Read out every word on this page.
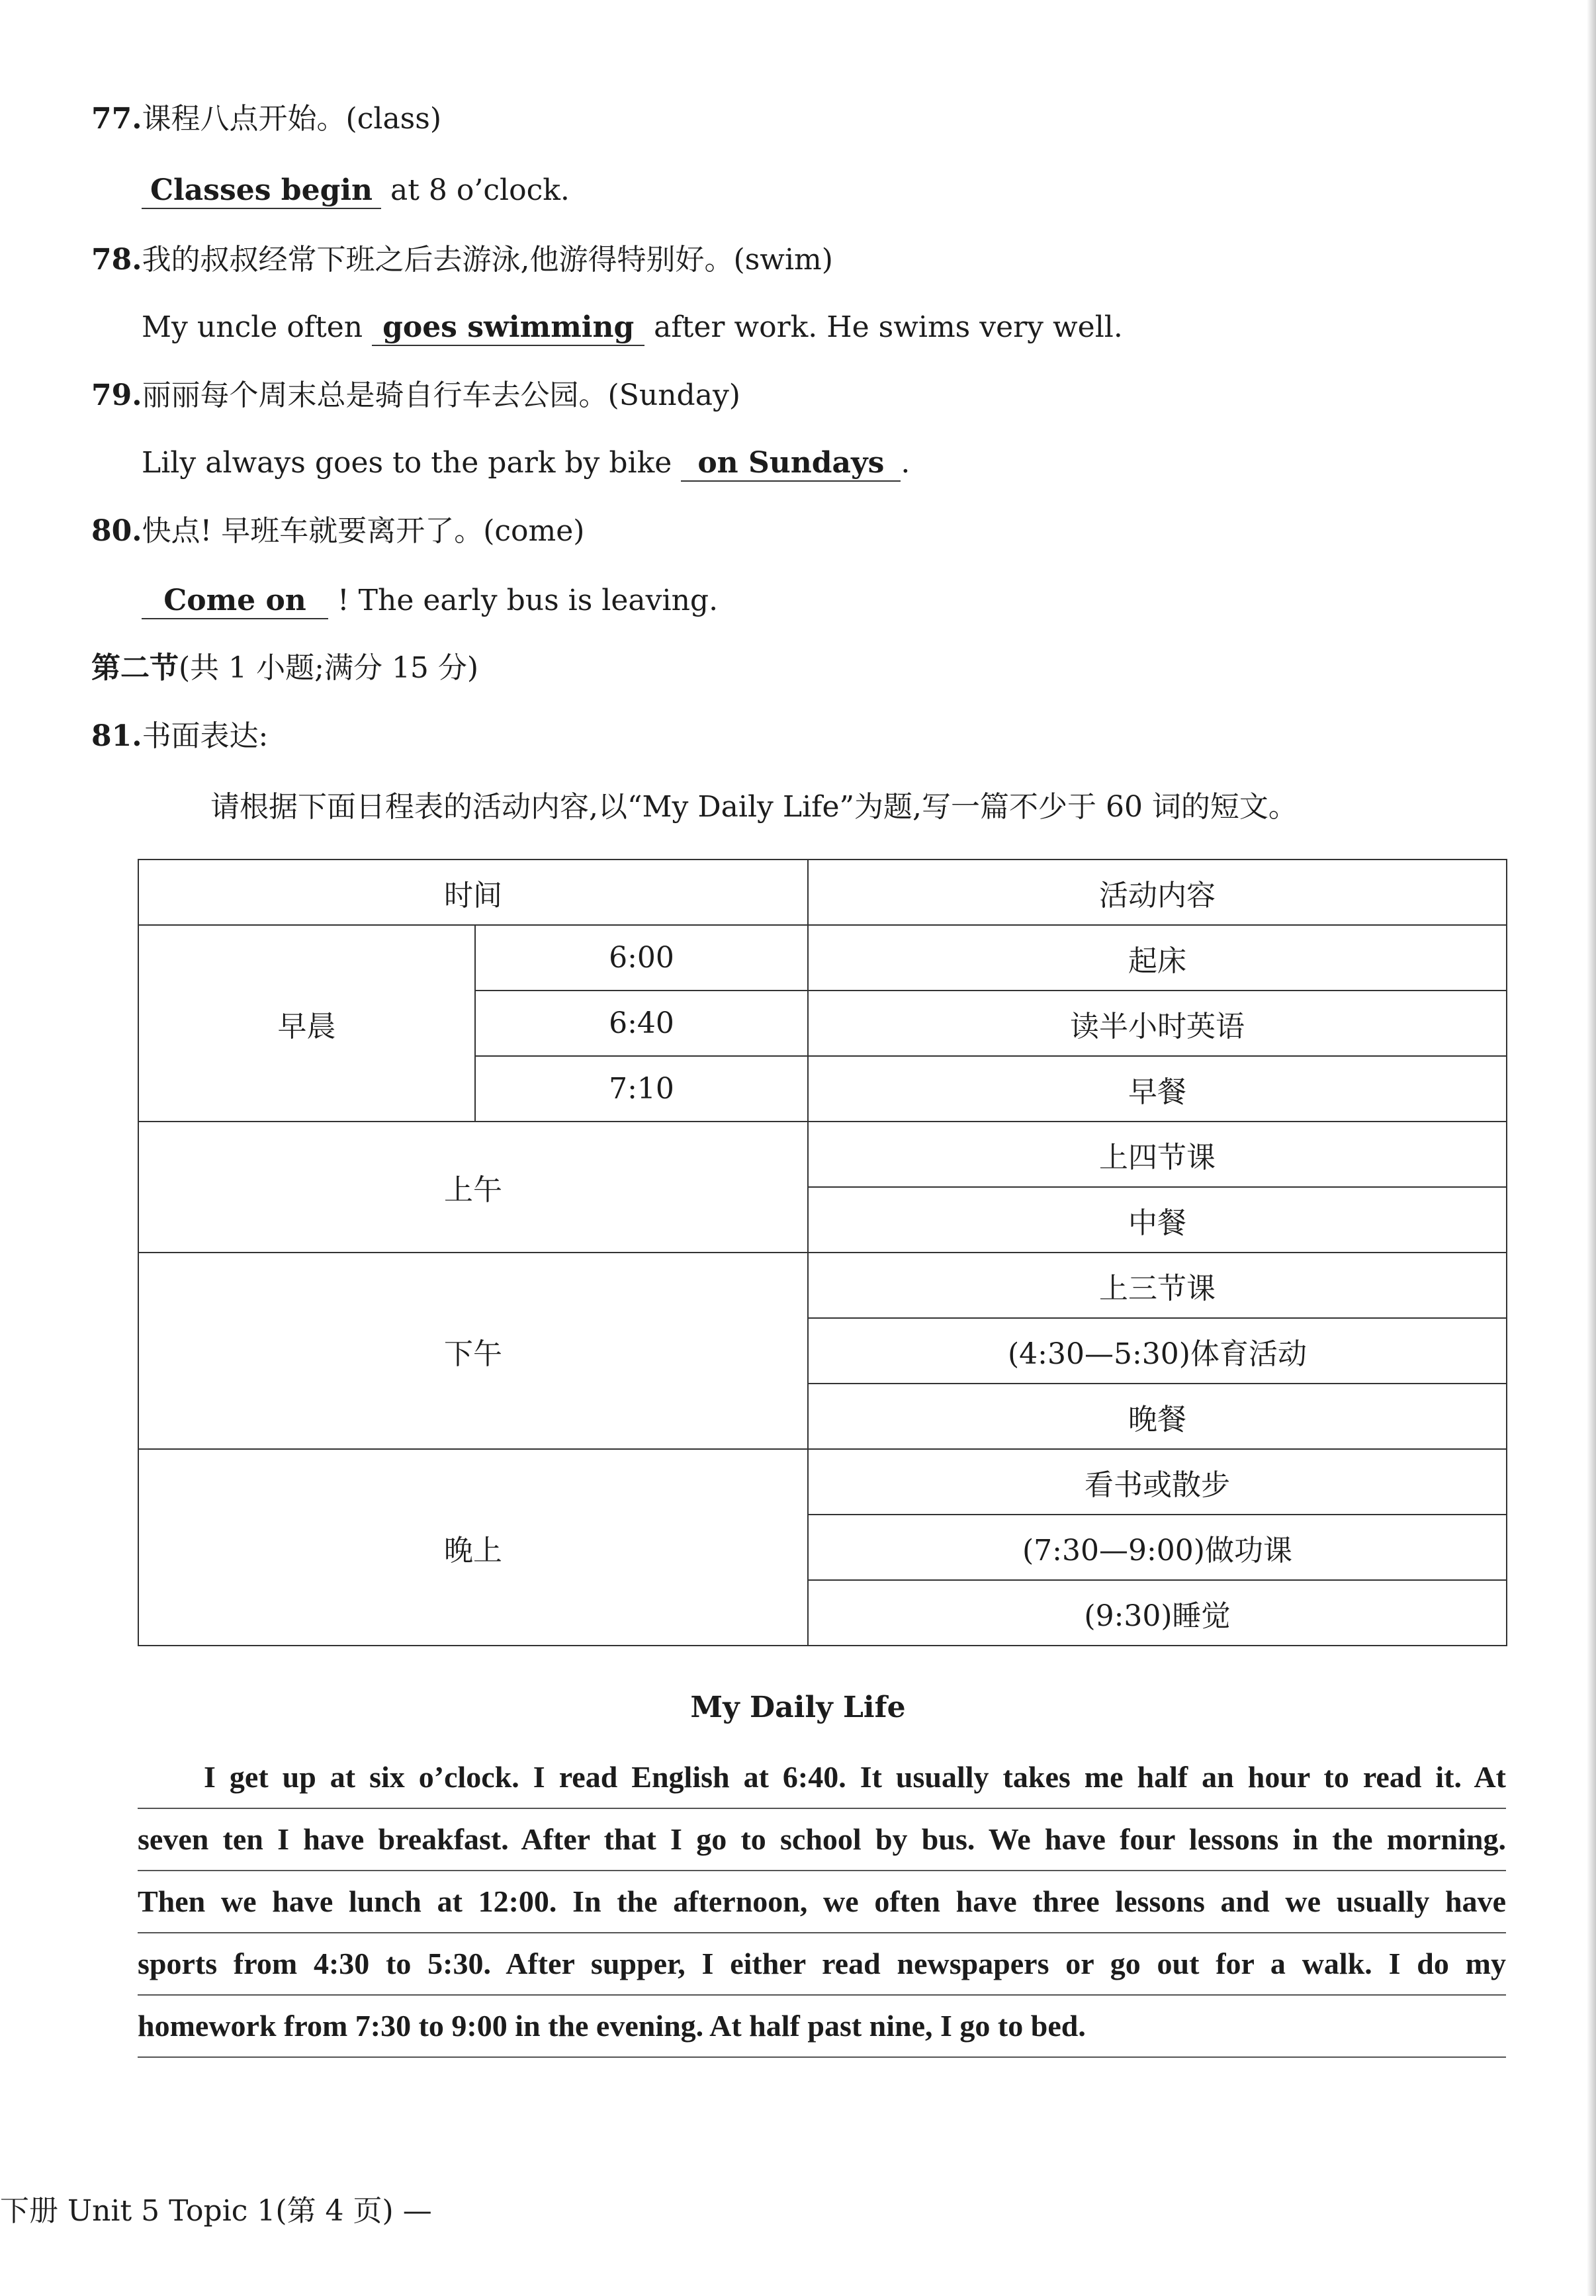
77.课程八点开始。(class)
Classes begin at 8 o’clock.
78.我的叔叔经常下班之后去游泳,他游得特别好。(swim)
My uncle often goes swimming after work. He swims very well.
79.丽丽每个周末总是骑自行车去公园。(Sunday)
Lily always goes to the park by bike on Sundays .
80.快点! 早班车就要离开了。(come)
Come on ! The early bus is leaving.
第二节(共 1 小题;满分 15 分)
81.书面表达:
请根据下面日程表的活动内容,以“My Daily Life”为题,写一篇不少于 60 词的短文。
时间		活动内容
早晨	6:00	起床
	6:40	读半小时英语
	7:10	早餐
上午		上四节课
		中餐
下午		上三节课
		(4:30—5:30)体育活动
		晚餐
晚上		看书或散步
		(7:30—9:00)做功课
		(9:30)睡觉
My Daily Life
I get up at six o’clock. I read English at 6:40. It usually takes me half an hour to read it. At
seven ten I have breakfast. After that I go to school by bus. We have four lessons in the morning.
Then we have lunch at 12:00. In the afternoon, we often have three lessons and we usually have
sports from 4:30 to 5:30. After supper, I either read newspapers or go out for a walk. I do my
homework from 7:30 to 9:00 in the evening. At half past nine, I go to bed.
下册 Unit 5 Topic 1(第 4 页) —
